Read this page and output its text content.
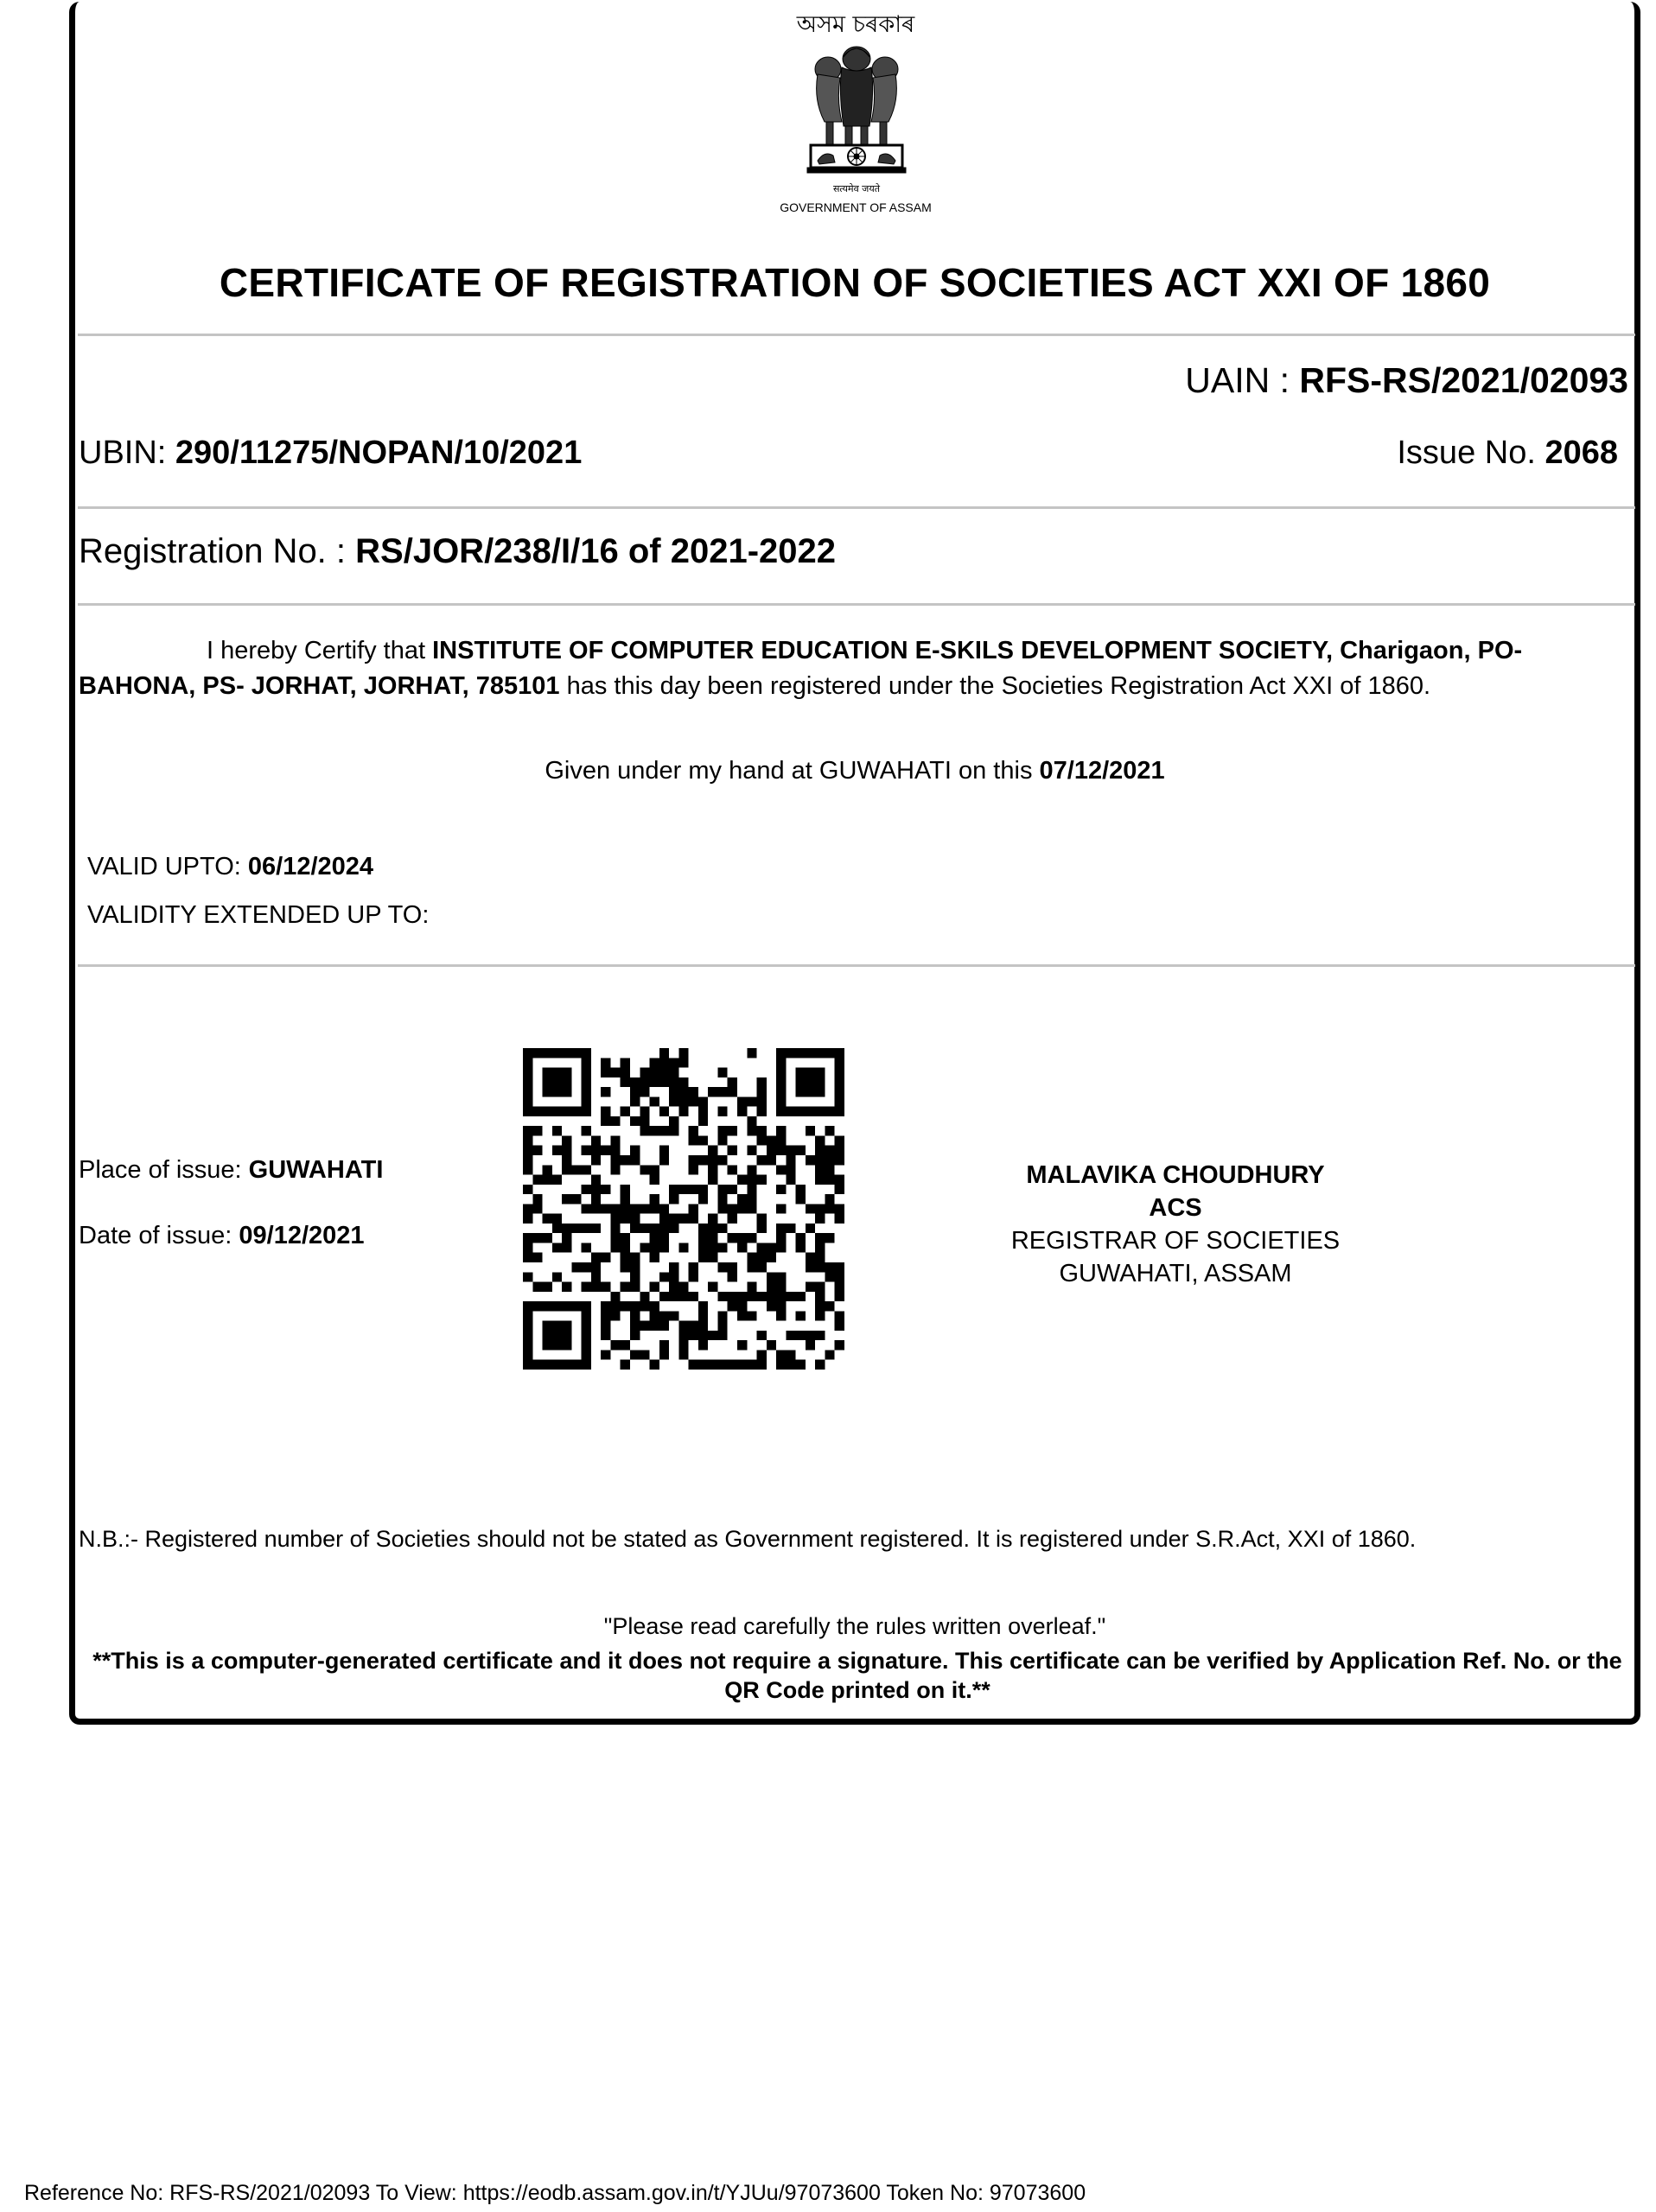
অসম চৰকাৰ
सत्यमेव जयते
GOVERNMENT OF ASSAM
CERTIFICATE OF REGISTRATION OF SOCIETIES ACT XXI OF 1860
UAIN : RFS-RS/2021/02093
UBIN: 290/11275/NOPAN/10/2021	Issue No. 2068
Registration No. : RS/JOR/238/I/16 of 2021-2022
I hereby Certify that INSTITUTE OF COMPUTER EDUCATION E-SKILS DEVELOPMENT SOCIETY, Charigaon, PO-BAHONA, PS- JORHAT, JORHAT, 785101 has this day been registered under the Societies Registration Act XXI of 1860.
Given under my hand at GUWAHATI on this 07/12/2021
VALID UPTO: 06/12/2024
VALIDITY EXTENDED UP TO:
Place of issue: GUWAHATI
Date of issue: 09/12/2021
MALAVIKA CHOUDHURY ACS
REGISTRAR OF SOCIETIES
GUWAHATI, ASSAM
N.B.:- Registered number of Societies should not be stated as Government registered. It is registered under S.R.Act, XXI of 1860.
"Please read carefully the rules written overleaf."
**This is a computer-generated certificate and it does not require a signature. This certificate can be verified by Application Ref. No. or the QR Code printed on it.**
Reference No: RFS-RS/2021/02093 To View: https://eodb.assam.gov.in/t/YJUu/97073600 Token No: 97073600
